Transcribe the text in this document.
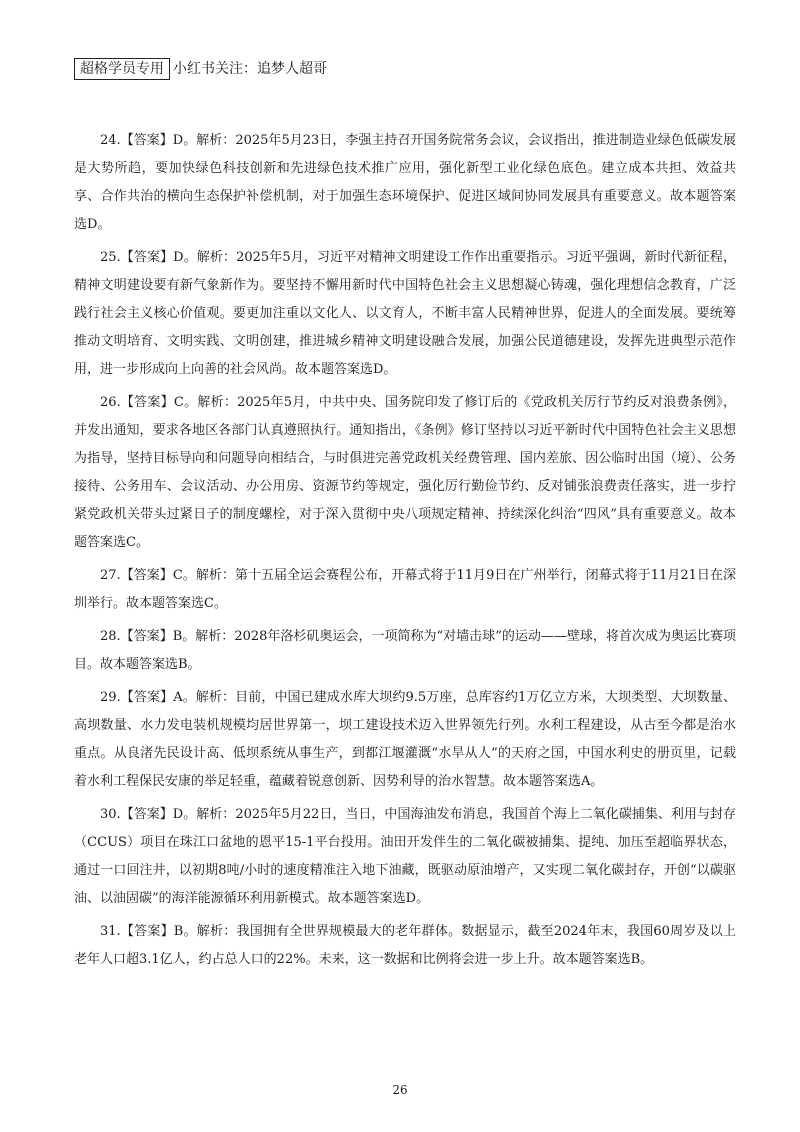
超格学员专用 小红书关注：追梦人超哥

24.【答案】D。解析：2025年5月23日，李强主持召开国务院常务会议，会议指出，推进制造业绿色低碳发展是大势所趋，要加快绿色科技创新和先进绿色技术推广应用，强化新型工业化绿色底色。建立成本共担、效益共享、合作共治的横向生态保护补偿机制，对于加强生态环境保护、促进区域间协同发展具有重要意义。故本题答案选D。

25.【答案】D。解析：2025年5月，习近平对精神文明建设工作作出重要指示。习近平强调，新时代新征程，精神文明建设要有新气象新作为。要坚持不懈用新时代中国特色社会主义思想凝心铸魂，强化理想信念教育，广泛践行社会主义核心价值观。要更加注重以文化人、以文育人，不断丰富人民精神世界，促进人的全面发展。要统筹推动文明培育、文明实践、文明创建，推进城乡精神文明建设融合发展，加强公民道德建设，发挥先进典型示范作用，进一步形成向上向善的社会风尚。故本题答案选D。

26.【答案】C。解析：2025年5月，中共中央、国务院印发了修订后的《党政机关厉行节约反对浪费条例》，并发出通知，要求各地区各部门认真遵照执行。通知指出，《条例》修订坚持以习近平新时代中国特色社会主义思想为指导，坚持目标导向和问题导向相结合，与时俱进完善党政机关经费管理、国内差旅、因公临时出国（境）、公务接待、公务用车、会议活动、办公用房、资源节约等规定，强化厉行勤俭节约、反对铺张浪费责任落实，进一步拧紧党政机关带头过紧日子的制度螺栓，对于深入贯彻中央八项规定精神、持续深化纠治“四风”具有重要意义。故本题答案选C。

27.【答案】C。解析：第十五届全运会赛程公布，开幕式将于11月9日在广州举行，闭幕式将于11月21日在深圳举行。故本题答案选C。

28.【答案】B。解析：2028年洛杉矶奥运会，一项简称为“对墙击球”的运动——壁球，将首次成为奥运比赛项目。故本题答案选B。

29.【答案】A。解析：目前，中国已建成水库大坝约9.5万座，总库容约1万亿立方米，大坝类型、大坝数量、高坝数量、水力发电装机规模均居世界第一，坝工建设技术迈入世界领先行列。水利工程建设，从古至今都是治水重点。从良渚先民设计高、低坝系统从事生产，到都江堰灌溉“水旱从人”的天府之国，中国水利史的册页里，记载着水利工程保民安康的举足轻重，蕴藏着锐意创新、因势利导的治水智慧。故本题答案选A。

30.【答案】D。解析：2025年5月22日，当日，中国海油发布消息，我国首个海上二氧化碳捕集、利用与封存（CCUS）项目在珠江口盆地的恩平15-1平台投用。油田开发伴生的二氧化碳被捕集、提纯、加压至超临界状态，通过一口回注井，以初期8吨/小时的速度精准注入地下油藏，既驱动原油增产，又实现二氧化碳封存，开创“以碳驱油、以油固碳”的海洋能源循环利用新模式。故本题答案选D。

31.【答案】B。解析：我国拥有全世界规模最大的老年群体。数据显示，截至2024年末，我国60周岁及以上老年人口超3.1亿人，约占总人口的22%。未来，这一数据和比例将会进一步上升。故本题答案选B。

26
